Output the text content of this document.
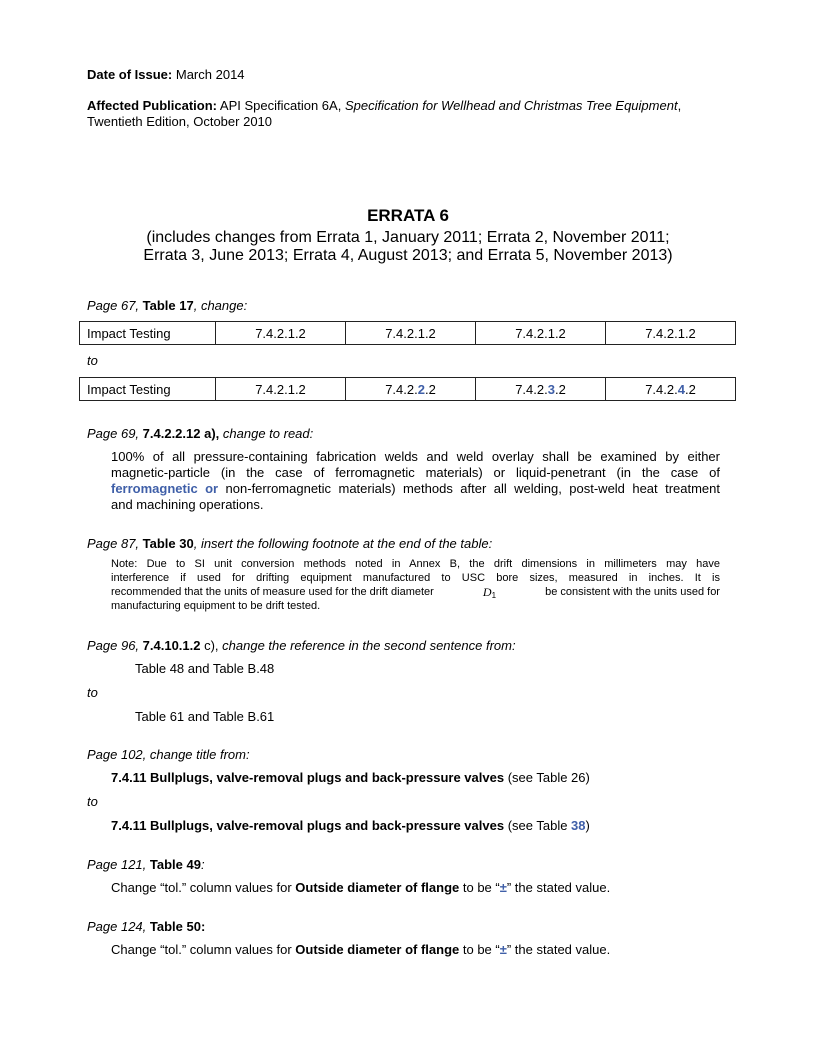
Date of Issue: March 2014
Affected Publication: API Specification 6A, Specification for Wellhead and Christmas Tree Equipment,
Twentieth Edition, October 2010
ERRATA 6
(includes changes from Errata 1, January 2011; Errata 2, November 2011;
Errata 3, June 2013; Errata 4, August 2013; and Errata 5, November 2013)
Page 67, Table 17, change:
Impact Testing	7.4.2.1.2	7.4.2.1.2	7.4.2.1.2	7.4.2.1.2
to
Impact Testing	7.4.2.1.2	7.4.2.2.2	7.4.2.3.2	7.4.2.4.2
Page 69, 7.4.2.2.12 a), change to read:
100% of all pressure-containing fabrication welds and weld overlay shall be examined by either
magnetic-particle (in the case of ferromagnetic materials) or liquid-penetrant (in the case of
ferromagnetic or non-ferromagnetic materials) methods after all welding, post-weld heat treatment
and machining operations.
Page 87, Table 30, insert the following footnote at the end of the table:
Note: Due to SI unit conversion methods noted in Annex B, the drift dimensions in millimeters may have
interference if used for drifting equipment manufactured to USC bore sizes, measured in inches. It is
recommended that the units of measure used for the drift diameter	$D_1$	be consistent with the units used for
manufacturing equipment to be drift tested.
Page 96, 7.4.10.1.2 c), change the reference in the second sentence from:
Table 48 and Table B.48
to
Table 61 and Table B.61
Page 102, change title from:
7.4.11 Bullplugs, valve-removal plugs and back-pressure valves (see Table 26)
to
7.4.11 Bullplugs, valve-removal plugs and back-pressure valves (see Table 38)
Page 121, Table 49:
Change “tol.” column values for Outside diameter of flange to be “±” the stated value.
Page 124, Table 50:
Change “tol.” column values for Outside diameter of flange to be “±” the stated value.
